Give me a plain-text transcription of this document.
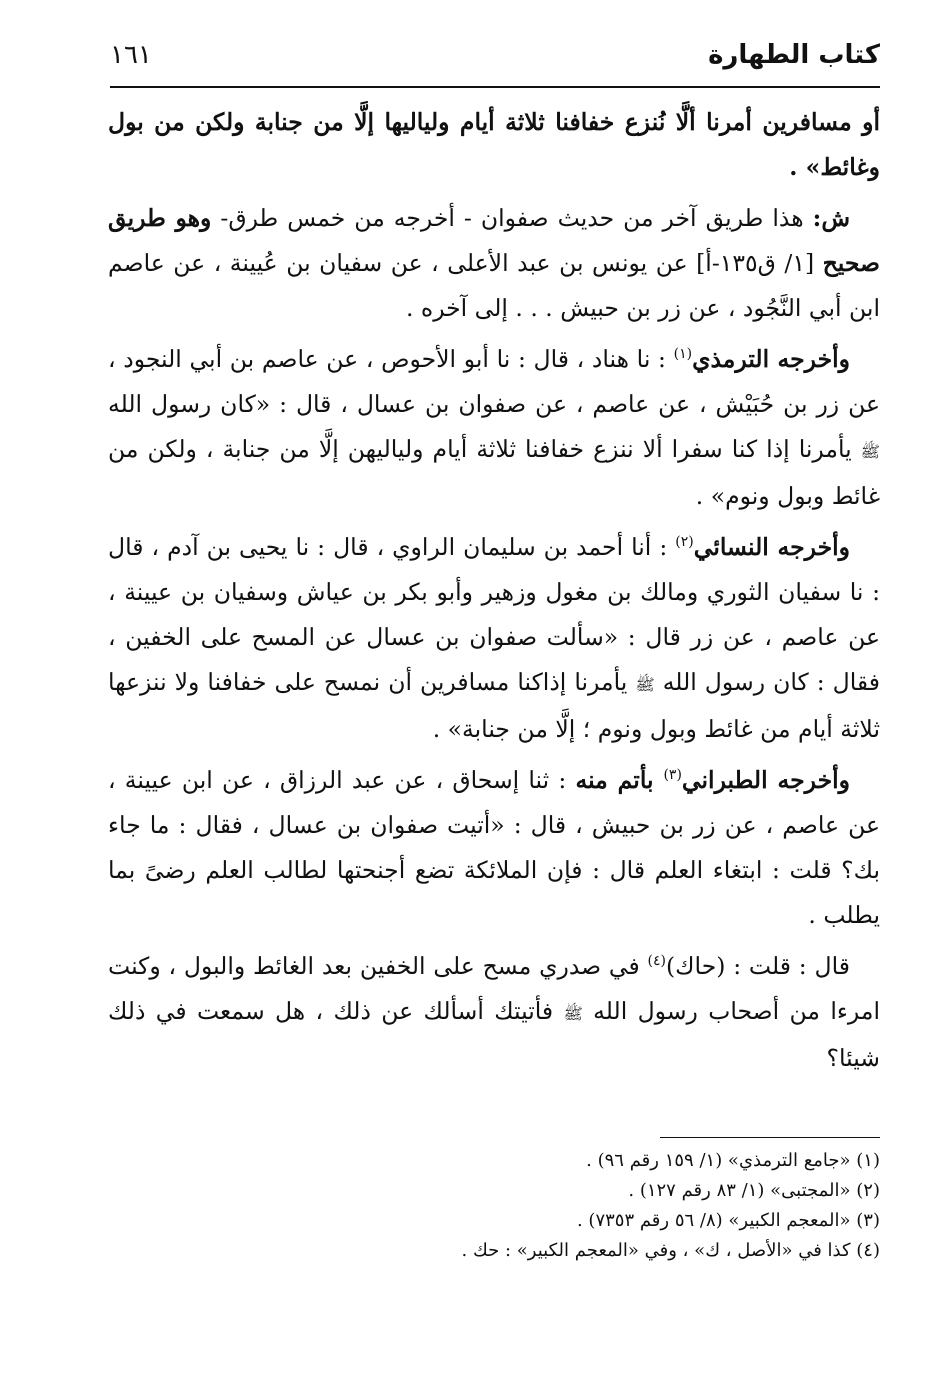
كتاب الطهارة
١٦١

أو مسافرين أمرنا ألَّا نُنزع خفافنا ثلاثة أيام ولياليها إلَّا من جنابة ولكن من بول وغائط» .

ش: هذا طريق آخر من حديث صفوان - أخرجه من خمس طرق- وهو طريق صحيح [١/ ق١٣٥-أ] عن يونس بن عبد الأعلى ، عن سفيان بن عُيينة ، عن عاصم ابن أبي النَّجُود ، عن زر بن حبيش . . . إلى آخره .

وأخرجه الترمذي$^{(١)}$ : نا هناد ، قال : نا أبو الأحوص ، عن عاصم بن أبي النجود ، عن زر بن حُبَيْش ، عن عاصم ، عن صفوان بن عسال ، قال : «كان رسول الله ﷺ يأمرنا إذا كنا سفرا ألا ننزع خفافنا ثلاثة أيام ولياليهن إلَّا من جنابة ، ولكن من غائط وبول ونوم» .

وأخرجه النسائي$^{(٢)}$ : أنا أحمد بن سليمان الراوي ، قال : نا يحيى بن آدم ، قال : نا سفيان الثوري ومالك بن مغول وزهير وأبو بكر بن عياش وسفيان بن عيينة ، عن عاصم ، عن زر قال : «سألت صفوان بن عسال عن المسح على الخفين ، فقال : كان رسول الله ﷺ يأمرنا إذاكنا مسافرين أن نمسح على خفافنا ولا ننزعها ثلاثة أيام من غائط وبول ونوم ؛ إلَّا من جنابة» .

وأخرجه الطبراني$^{(٣)}$ بأتم منه : ثنا إسحاق ، عن عبد الرزاق ، عن ابن عيينة ، عن عاصم ، عن زر بن حبيش ، قال : «أتيت صفوان بن عسال ، فقال : ما جاء بك؟ قلت : ابتغاء العلم قال : فإن الملائكة تضع أجنحتها لطالب العلم رضىً بما يطلب .

قال : قلت : (حاك)$^{(٤)}$ في صدري مسح على الخفين بعد الغائط والبول ، وكنت امرءا من أصحاب رسول الله ﷺ فأتيتك أسألك عن ذلك ، هل سمعت في ذلك شيئا؟

(١) «جامع الترمذي» (١/ ١٥٩ رقم ٩٦) .
(٢) «المجتبى» (١/ ٨٣ رقم ١٢٧) .
(٣) «المعجم الكبير» (٨/ ٥٦ رقم ٧٣٥٣) .
(٤) كذا في «الأصل ، ك» ، وفي «المعجم الكبير» : حك .
